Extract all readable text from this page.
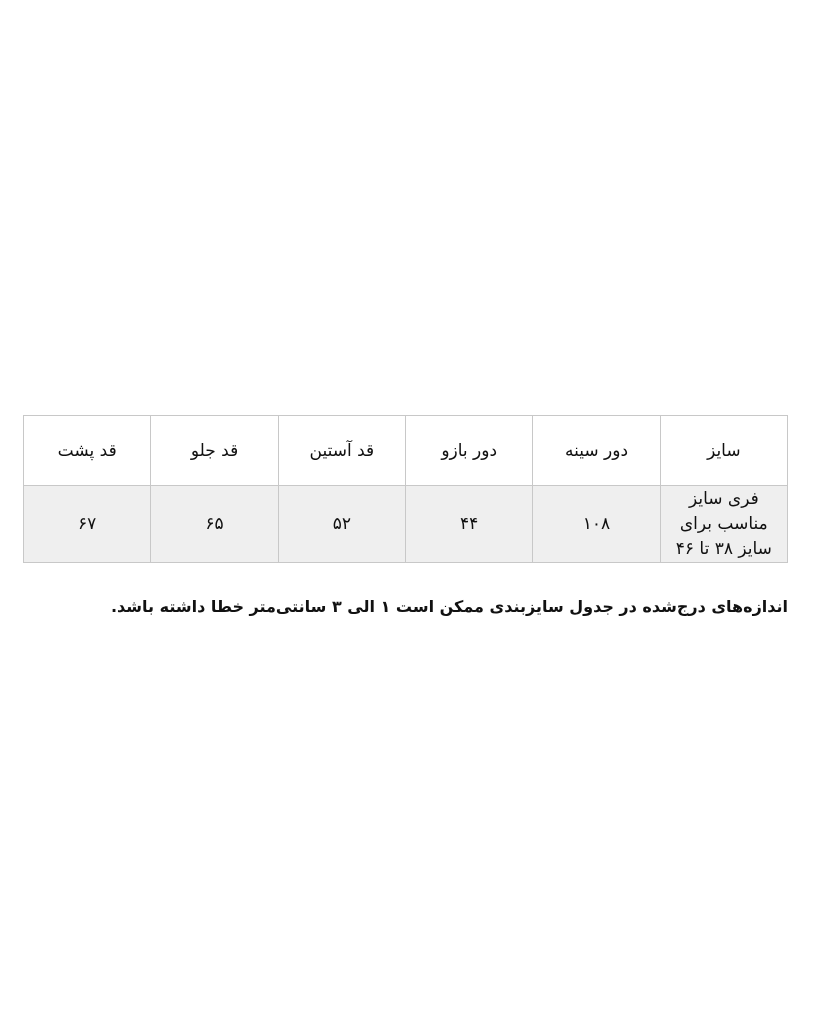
سایز	دور سینه	دور بازو	قد آستین	قد جلو	قد پشت

فری سایز
مناسب برای
سایز ۳۸ تا ۴۶	۱۰۸	۴۴	۵۲	۶۵	۶۷
اندازه‌های درج‌شده در جدول سایزبندی ممکن است ۱ الی ۳ سانتی‌متر خطا داشته باشد.
